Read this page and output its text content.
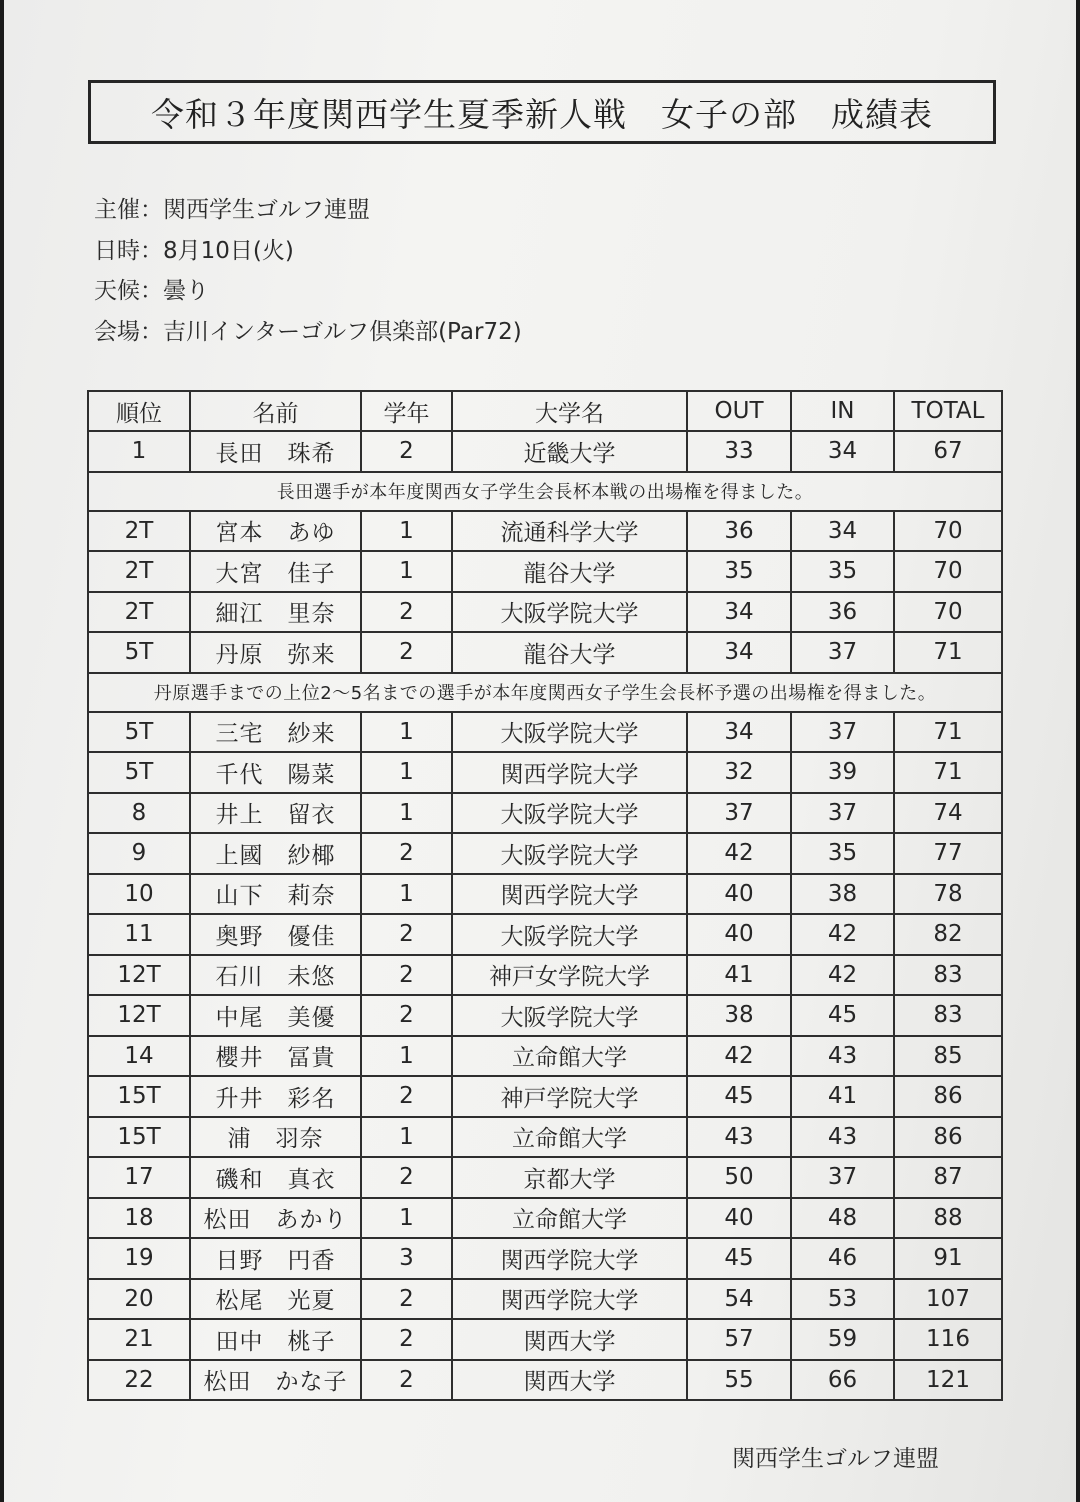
令和３年度関西学生夏季新人戦　女子の部　成績表
主催：関西学生ゴルフ連盟
日時：8月10日(火)
天候：曇り
会場：吉川インターゴルフ倶楽部(Par72)
順位	名前	学年	大学名	OUT	IN	TOTAL
1	長田　珠希	2	近畿大学	33	34	67
長田選手が本年度関西女子学生会長杯本戦の出場権を得ました。						
2T	宮本　あゆ	1	流通科学大学	36	34	70
2T	大宮　佳子	1	龍谷大学	35	35	70
2T	細江　里奈	2	大阪学院大学	34	36	70
5T	丹原　弥来	2	龍谷大学	34	37	71
丹原選手までの上位2～5名までの選手が本年度関西女子学生会長杯予選の出場権を得ました。						
5T	三宅　紗来	1	大阪学院大学	34	37	71
5T	千代　陽菜	1	関西学院大学	32	39	71
8	井上　留衣	1	大阪学院大学	37	37	74
9	上國　紗椰	2	大阪学院大学	42	35	77
10	山下　莉奈	1	関西学院大学	40	38	78
11	奥野　優佳	2	大阪学院大学	40	42	82
12T	石川　未悠	2	神戸女学院大学	41	42	83
12T	中尾　美優	2	大阪学院大学	38	45	83
14	櫻井　冨貴	1	立命館大学	42	43	85
15T	升井　彩名	2	神戸学院大学	45	41	86
15T	浦　羽奈	1	立命館大学	43	43	86
17	磯和　真衣	2	京都大学	50	37	87
18	松田　あかり	1	立命館大学	40	48	88
19	日野　円香	3	関西学院大学	45	46	91
20	松尾　光夏	2	関西学院大学	54	53	107
21	田中　桃子	2	関西大学	57	59	116
22	松田　かな子	2	関西大学	55	66	121
関西学生ゴルフ連盟
